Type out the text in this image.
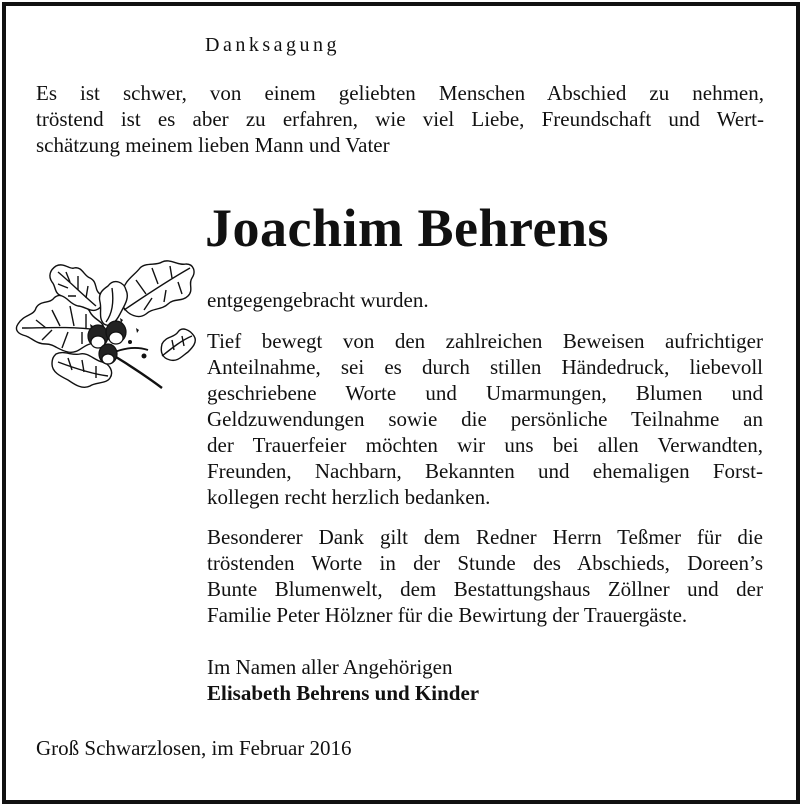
Danksagung

Es ist schwer, von einem geliebten Menschen Abschied zu nehmen,
tröstend ist es aber zu erfahren, wie viel Liebe, Freundschaft und Wert-
schätzung meinem lieben Mann und Vater

Joachim Behrens

entgegengebracht wurden.

Tief bewegt von den zahlreichen Beweisen aufrichtiger
Anteilnahme, sei es durch stillen Händedruck, liebevoll
geschriebene Worte und Umarmungen, Blumen und
Geldzuwendungen sowie die persönliche Teilnahme an
der Trauerfeier möchten wir uns bei allen Verwandten,
Freunden, Nachbarn, Bekannten und ehemaligen Forst-
kollegen recht herzlich bedanken.

Besonderer Dank gilt dem Redner Herrn Teßmer für die
tröstenden Worte in der Stunde des Abschieds, Doreen’s
Bunte Blumenwelt, dem Bestattungshaus Zöllner und der
Familie Peter Hölzner für die Bewirtung der Trauergäste.

Im Namen aller Angehörigen

Elisabeth Behrens und Kinder

Groß Schwarzlosen, im Februar 2016
